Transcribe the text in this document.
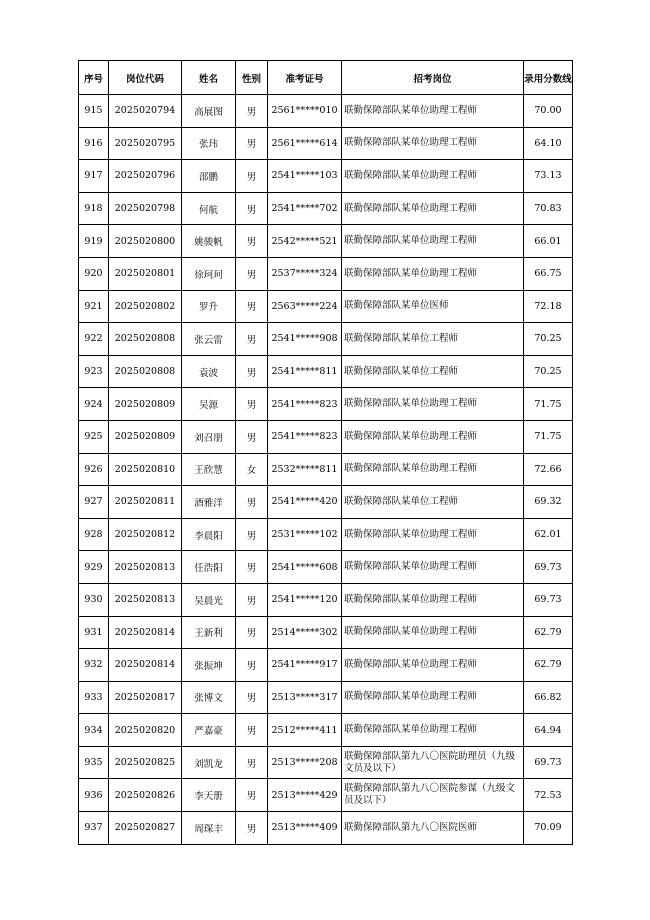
序号	岗位代码	姓名	性别	准考证号	招考岗位	录用分数线
915	2025020794	高展图	男	2561*****010	联勤保障部队某单位助理工程师	70.00
916	2025020795	张玮	男	2561*****614	联勤保障部队某单位助理工程师	64.10
917	2025020796	邵鹏	男	2541*****103	联勤保障部队某单位助理工程师	73.13
918	2025020798	何航	男	2541*****702	联勤保障部队某单位助理工程师	70.83
919	2025020800	姚骏帆	男	2542*****521	联勤保障部队某单位助理工程师	66.01
920	2025020801	徐珂珂	男	2537*****324	联勤保障部队某单位助理工程师	66.75
921	2025020802	罗升	男	2563*****224	联勤保障部队某单位医师	72.18
922	2025020808	张云雷	男	2541*****908	联勤保障部队某单位工程师	70.25
923	2025020808	袁波	男	2541*****811	联勤保障部队某单位工程师	70.25
924	2025020809	吴源	男	2541*****823	联勤保障部队某单位助理工程师	71.75
925	2025020809	刘召朋	男	2541*****823	联勤保障部队某单位助理工程师	71.75
926	2025020810	王欣慧	女	2532*****811	联勤保障部队某单位助理工程师	72.66
927	2025020811	酒雅洋	男	2541*****420	联勤保障部队某单位工程师	69.32
928	2025020812	李晨阳	男	2531*****102	联勤保障部队某单位助理工程师	62.01
929	2025020813	任浩阳	男	2541*****608	联勤保障部队某单位助理工程师	69.73
930	2025020813	吴晨光	男	2541*****120	联勤保障部队某单位助理工程师	69.73
931	2025020814	王新利	男	2514*****302	联勤保障部队某单位助理工程师	62.79
932	2025020814	张振坤	男	2541*****917	联勤保障部队某单位助理工程师	62.79
933	2025020817	张博文	男	2513*****317	联勤保障部队某单位助理工程师	66.82
934	2025020820	严嘉豪	男	2512*****411	联勤保障部队某单位助理工程师	64.94
935	2025020825	刘凯龙	男	2513*****208	联勤保障部队第九八〇医院助理员（九级文员及以下）	69.73
936	2025020826	李天册	男	2513*****429	联勤保障部队第九八〇医院参谋（九级文员及以下）	72.53
937	2025020827	周琛丰	男	2513*****409	联勤保障部队第九八〇医院医师	70.09
